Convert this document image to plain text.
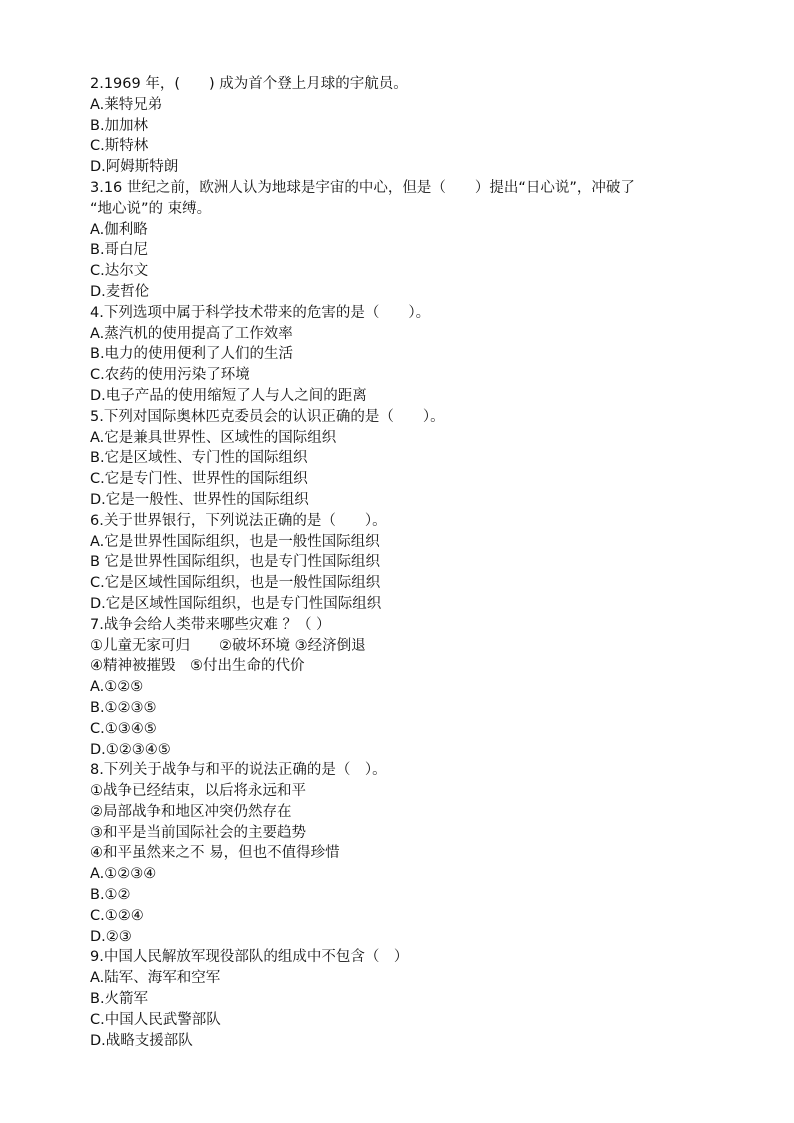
2.1969 年，(　　) 成为首个登上月球的宇航员。
A.莱特兄弟
B.加加林
C.斯特林
D.阿姆斯特朗
3.16 世纪之前，欧洲人认为地球是宇宙的中心，但是（　　）提出“日心说”，冲破了
“地心说”的 束缚。
A.伽利略
B.哥白尼
C.达尔文
D.麦哲伦
4.下列选项中属于科学技术带来的危害的是（　　）。
A.蒸汽机的使用提高了工作效率
B.电力的使用便利了人们的生活
C.农药的使用污染了环境
D.电子产品的使用缩短了人与人之间的距离
5.下列对国际奥林匹克委员会的认识正确的是（　　）。
A.它是兼具世界性、区域性的国际组织
B.它是区域性、专门性的国际组织
C.它是专门性、世界性的国际组织
D.它是一般性、世界性的国际组织
6.关于世界银行，下列说法正确的是（　　）。
A.它是世界性国际组织，也是一般性国际组织
B 它是世界性国际组织，也是专门性国际组织
C.它是区域性国际组织，也是一般性国际组织
D.它是区域性国际组织，也是专门性国际组织
7.战争会给人类带来哪些灾难 ？（ ）
①儿童无家可归　　②破坏环境 ③经济倒退
④精神被摧毁　⑤付出生命的代价
A.①②⑤
B.①②③⑤
C.①③④⑤
D.①②③④⑤
8.下列关于战争与和平的说法正确的是（　）。
①战争已经结束，以后将永远和平
②局部战争和地区冲突仍然存在
③和平是当前国际社会的主要趋势
④和平虽然来之不 易，但也不值得珍惜
A.①②③④
B.①②
C.①②④
D.②③
9.中国人民解放军现役部队的组成中不包含（　）
A.陆军、海军和空军
B.火箭军
C.中国人民武警部队
D.战略支援部队
